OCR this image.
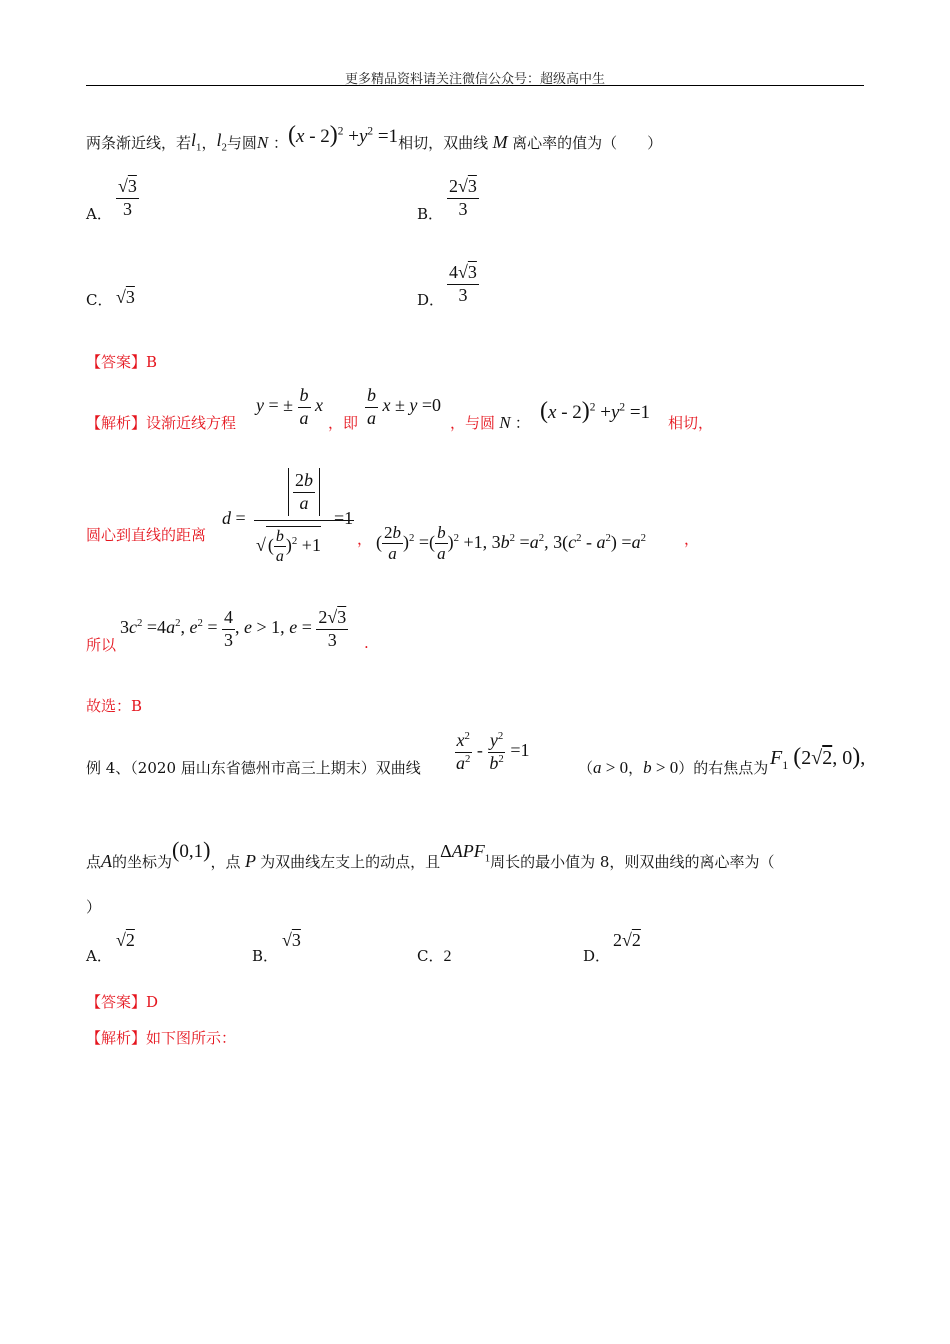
更多精品资料请关注微信公众号：超级高中生
两条渐近线，若$l_1$，$l_2$与圆N ：$(x - 2)^2 +y^2 =1$相切，双曲线 M 离心率的值为（　　）
A． $\frac{√3}{3}$	B． $\frac{2√3}{3}$
C． √3	D． $\frac{4√3}{3}$
【答案】B
【解析】设渐近线方程
y = ± $\frac{b}{a}$ x
，即 $\frac{b}{a}$ x ± y =0
，与圆 N ： $(x - 2)^2 +y^2 =1$ 相切，
圆心到直线的距离
d =
$\frac{2b}{a}$
√ ( $\frac{b}{a} )^2 +1$
=1
， ( $\frac{2b}{a} )^2$ =( $\frac{b}{a} )^2 +1$, $3b^2 =a^2$, $3(c^2 - a^2) =a^2$	，
所以
$3c^2 =4a^2$, $e^2 = \frac{4}{3}$ , e > 1, $e = \frac{2√3}{3}$ .
故选：B
例 4、（2020 届山东省德州市高三上期末）双曲线 $\frac{x^2}{a^2} - \frac{y^2}{b^2} =1$
（a > 0，b > 0）的右焦点为 $F_1$ (2√2, 0),
点A的坐标为(0,1)，点 P 为双曲线左支上的动点，且$\Delta APF_1$周长的最小值为 8，则双曲线的离心率为（
）
A．
√2
B．
√3
C．2	D．
2√2
【答案】D
【解析】如下图所示：
